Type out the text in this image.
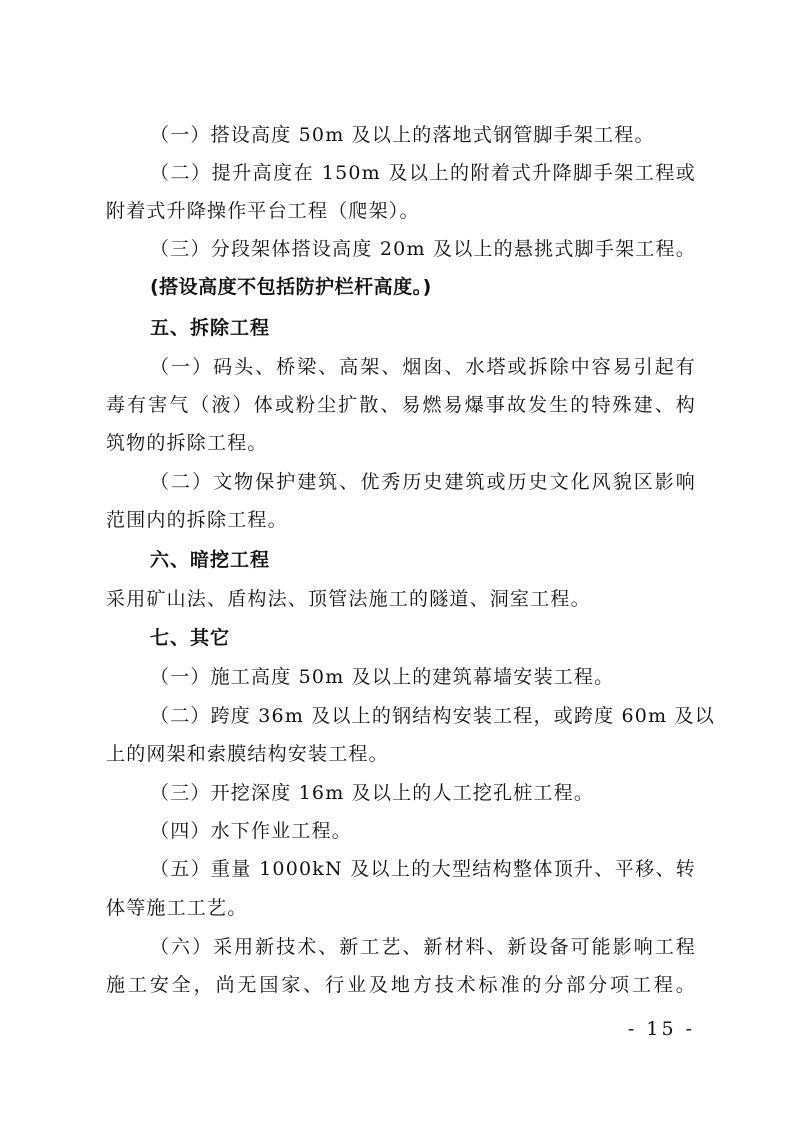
（一）搭设高度 50m 及以上的落地式钢管脚手架工程。
（二）提升高度在 150m 及以上的附着式升降脚手架工程或
附着式升降操作平台工程（爬架）。
（三）分段架体搭设高度 20m 及以上的悬挑式脚手架工程。
(搭设高度不包括防护栏杆高度。)
五、拆除工程
（一）码头、桥梁、高架、烟囱、水塔或拆除中容易引起有
毒有害气（液）体或粉尘扩散、易燃易爆事故发生的特殊建、构
筑物的拆除工程。
（二）文物保护建筑、优秀历史建筑或历史文化风貌区影响
范围内的拆除工程。
六、暗挖工程
采用矿山法、盾构法、顶管法施工的隧道、洞室工程。
七、其它
（一）施工高度 50m 及以上的建筑幕墙安装工程。
（二）跨度 36m 及以上的钢结构安装工程，或跨度 60m 及以
上的网架和索膜结构安装工程。
（三）开挖深度 16m 及以上的人工挖孔桩工程。
（四）水下作业工程。
（五）重量 1000kN 及以上的大型结构整体顶升、平移、转
体等施工工艺。
（六）采用新技术、新工艺、新材料、新设备可能影响工程
施工安全，尚无国家、行业及地方技术标准的分部分项工程。
- 15 -
